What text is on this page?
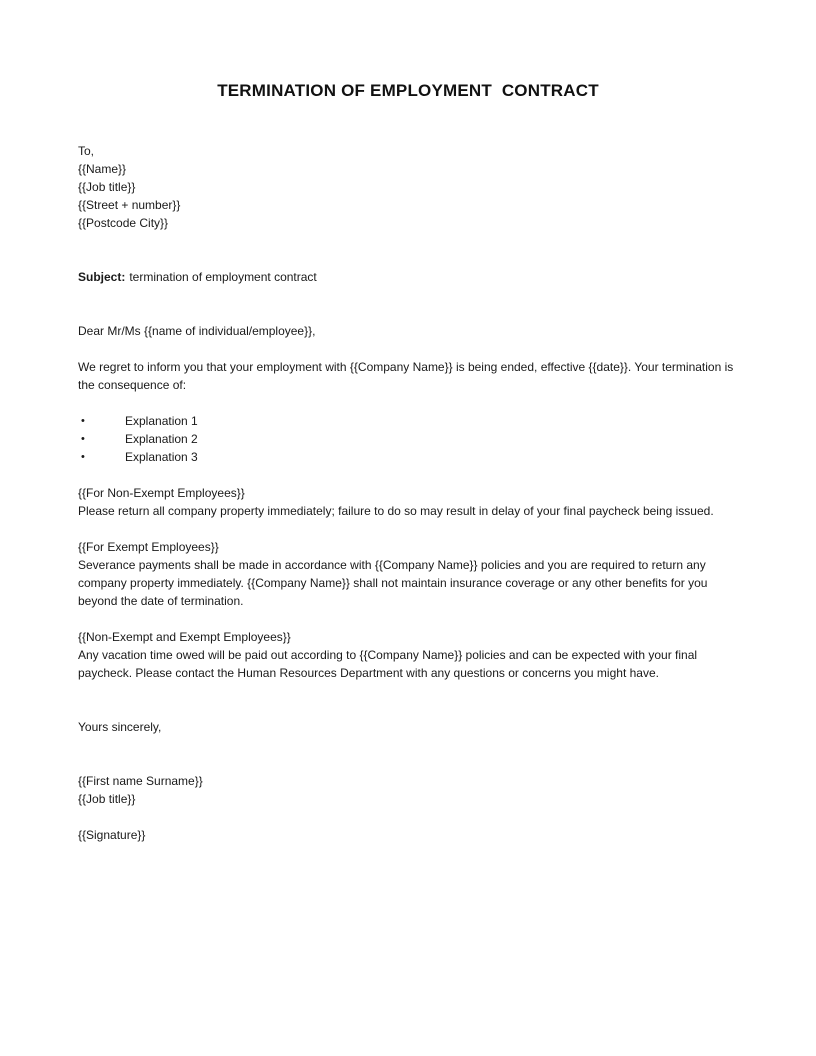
TERMINATION OF EMPLOYMENT  CONTRACT
To,
{{Name}}
{{Job title}}
{{Street + number}}
{{Postcode City}}

Subject: termination of employment contract

Dear Mr/Ms {{name of individual/employee}},

We regret to inform you that your employment with {{Company Name}} is being ended, effective {{date}}. Your termination is the consequence of:

•	Explanation 1
•	Explanation 2
•	Explanation 3
{{For Non-Exempt Employees}}
Please return all company property immediately; failure to do so may result in delay of your final paycheck being issued.
{{For Exempt Employees}}
Severance payments shall be made in accordance with {{Company Name}} policies and you are required to return any company property immediately. {{Company Name}} shall not maintain insurance coverage or any other benefits for you beyond the date of termination.
{{Non-Exempt and Exempt Employees}}
Any vacation time owed will be paid out according to {{Company Name}} policies and can be expected with your final paycheck. Please contact the Human Resources Department with any questions or concerns you might have.

Yours sincerely,

{{First name Surname}}
{{Job title}}
{{Signature}}
